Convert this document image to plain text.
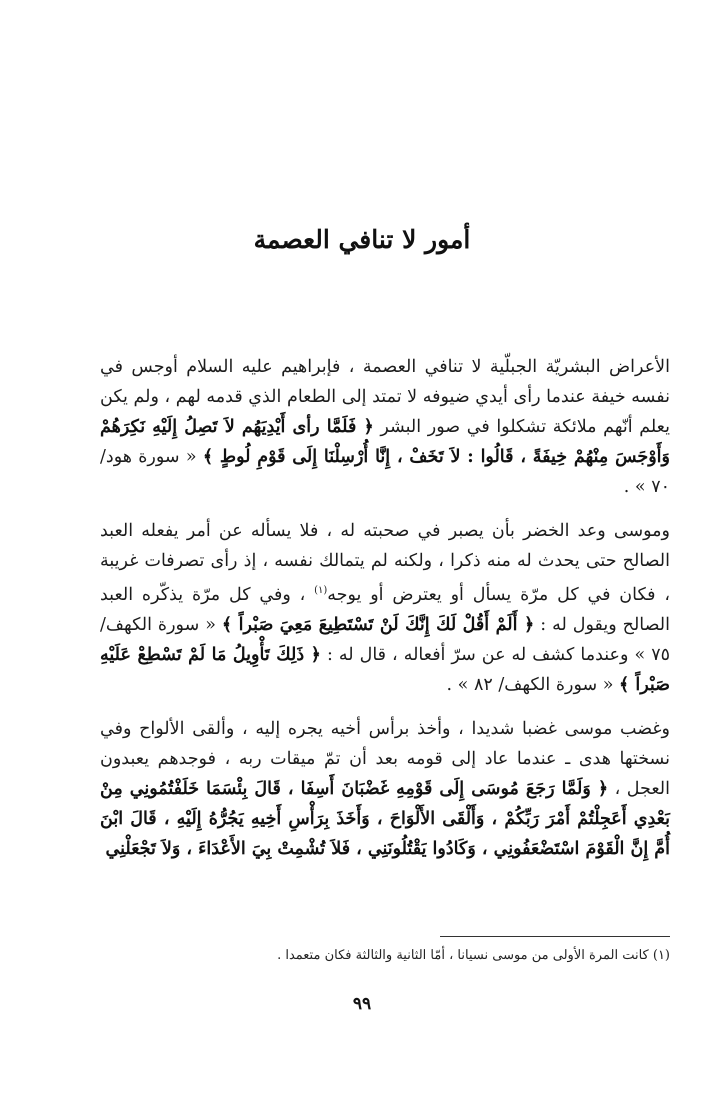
أمور لا تنافي العصمة

الأعراض البشريّة الجبلّية لا تنافي العصمة ، فإبراهيم عليه السلام أوجس في نفسه خيفة عندما رأى أيدي ضيوفه لا تمتد إلى الطعام الذي قدمه لهم ، ولم يكن يعلم أنّهم ملائكة تشكلوا في صور البشر ﴿ فَلَمَّا رأى أَيْدِيَهُم لاَ تَصِلُ إِلَيْهِ نَكِرَهُمْ وَأَوْجَسَ مِنْهُمْ خِيفَةً ، قَالُوا : لاَ تَخَفْ ، إِنَّا أُرْسِلْنَا إِلَى قَوْمِ لُوطٍ ﴾ « سورة هود/ ٧٠ » .

وموسى وعد الخضر بأن يصبر في صحبته له ، فلا يسأله عن أمر يفعله العبد الصالح حتى يحدث له منه ذكرا ، ولكنه لم يتمالك نفسه ، إذ رأى تصرفات غريبة ، فكان في كل مرّة يسأل أو يعترض أو يوجه$^{(١)}$ ، وفي كل مرّة يذكّره العبد الصالح ويقول له : ﴿ أَلَمْ أَقُلْ لَكَ إِنَّكَ لَنْ تَسْتَطِيعَ مَعِيَ صَبْراً ﴾ « سورة الكهف/ ٧٥ » وعندما كشف له عن سرّ أفعاله ، قال له : ﴿ ذَلِكَ تَأْوِيلُ مَا لَمْ تَسْطِعْ عَلَيْهِ صَبْراً ﴾ « سورة الكهف/ ٨٢ » .

وغضب موسى غضبا شديدا ، وأخذ برأس أخيه يجره إليه ، وألقى الألواح وفي نسختها هدى ـ عندما عاد إلى قومه بعد أن تمّ ميقات ربه ، فوجدهم يعبدون العجل ، ﴿ وَلَمَّا رَجَعَ مُوسَى إِلَى قَوْمِهِ غَضْبَانَ أَسِفَا ، قَالَ بِئْسَمَا خَلَفْتُمُونِي مِنْ بَعْدِي أَعَجِلْتُمْ أَمْرَ رَبِّكُمْ ، وَأَلْقَى الأَلْوَاحَ ، وَأَخَذَ بِرَأْسِ أَخِيهِ يَجُرُّهُ إِلَيْهِ ، قَالَ ابْنَ أُمَّ إِنَّ الْقَوْمَ اسْتَضْعَفُونِي ، وَكَادُوا يَقْتُلُونَنِي ، فَلاَ تُشْمِتْ بِيَ الأَعْدَاءَ ، وَلاَ تَجْعَلْنِي

(١) كانت المرة الأولى من موسى نسيانا ، أمّا الثانية والثالثة فكان متعمدا .
٩٩
